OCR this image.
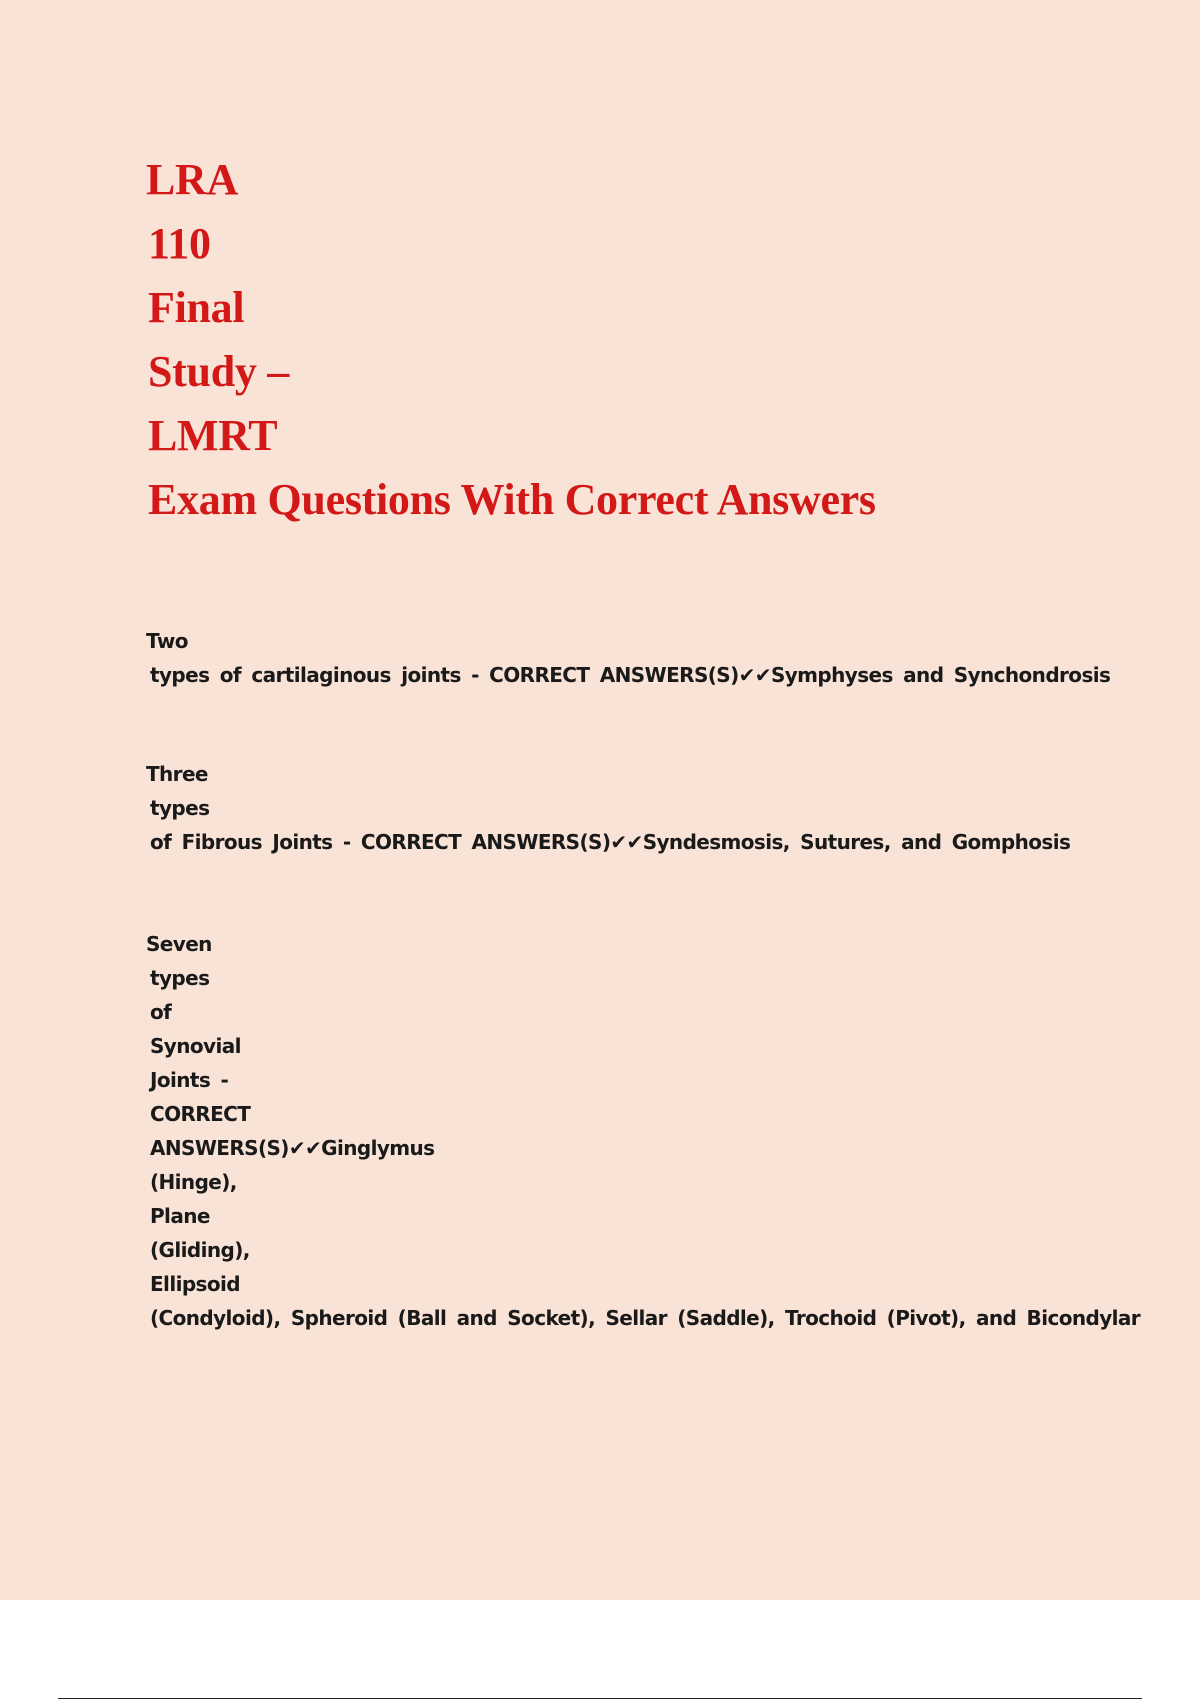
LRA
110
Final
Study –
LMRT
Exam Questions With Correct Answers

Two
types of cartilaginous joints - CORRECT ANSWERS(S)✔✔Symphyses and Synchondrosis

Three
types
of Fibrous Joints - CORRECT ANSWERS(S)✔✔Syndesmosis, Sutures, and Gomphosis

Seven
types
of
Synovial
Joints -
CORRECT
ANSWERS(S)✔✔Ginglymus
(Hinge),
Plane
(Gliding),
Ellipsoid
(Condyloid), Spheroid (Ball and Socket), Sellar (Saddle), Trochoid (Pivot), and Bicondylar
